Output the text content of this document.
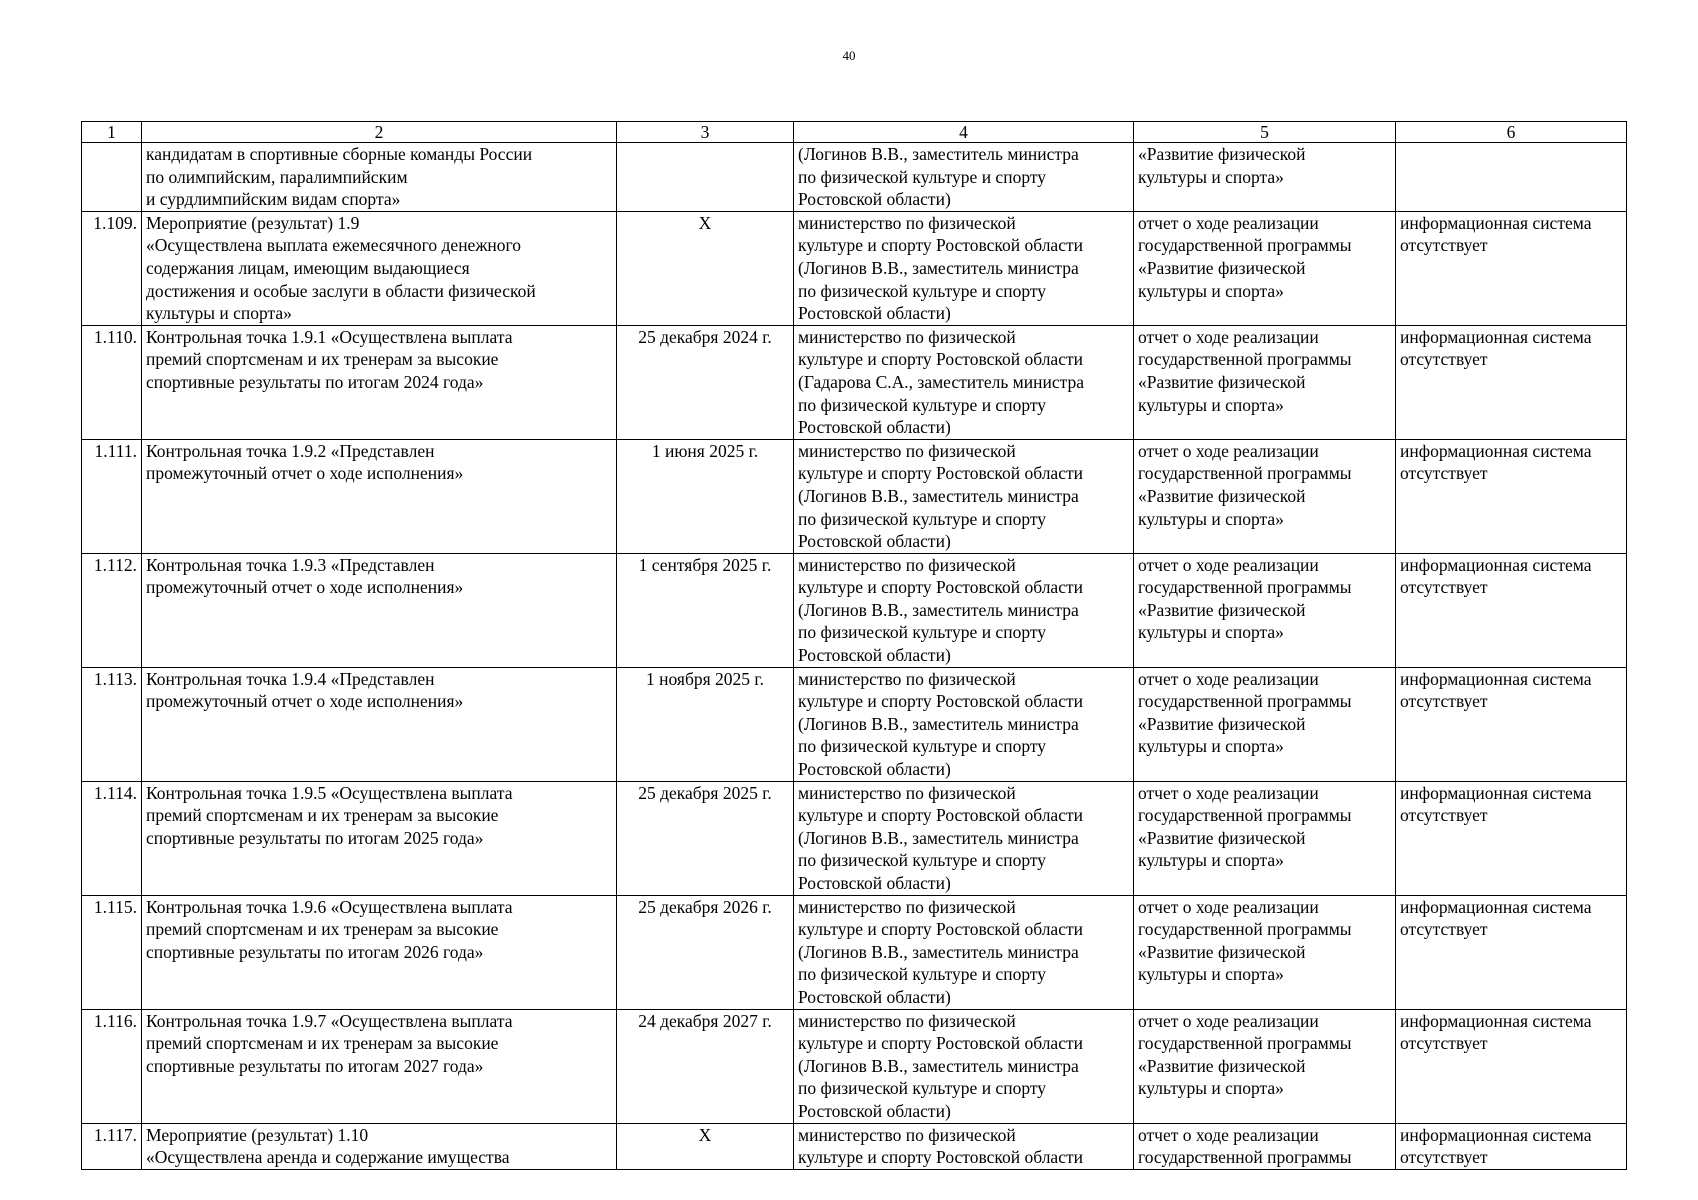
40
1	2	3	4	5	6

	кандидатам в спортивные сборные команды России
по олимпийским, паралимпийским
и сурдлимпийским видам спорта»		(Логинов В.В., заместитель министра
по физической культуре и спорту
Ростовской области)	«Развитие физической
культуры и спорта»	

1.109.	Мероприятие (результат) 1.9
«Осуществлена выплата ежемесячного денежного
содержания лицам, имеющим выдающиеся
достижения и особые заслуги в области физической
культуры и спорта»	Х	министерство по физической
культуре и спорту Ростовской области
(Логинов В.В., заместитель министра
по физической культуре и спорту
Ростовской области)	отчет о ходе реализации
государственной программы
«Развитие физической
культуры и спорта»	информационная система
отсутствует

1.110.	Контрольная точка 1.9.1 «Осуществлена выплата
премий спортсменам и их тренерам за высокие
спортивные результаты по итогам 2024 года»	25 декабря 2024 г.	министерство по физической
культуре и спорту Ростовской области
(Гадарова С.А., заместитель министра
по физической культуре и спорту
Ростовской области)	отчет о ходе реализации
государственной программы
«Развитие физической
культуры и спорта»	информационная система
отсутствует

1.111.	Контрольная точка 1.9.2 «Представлен
промежуточный отчет о ходе исполнения»	1 июня 2025 г.	министерство по физической
культуре и спорту Ростовской области
(Логинов В.В., заместитель министра
по физической культуре и спорту
Ростовской области)	отчет о ходе реализации
государственной программы
«Развитие физической
культуры и спорта»	информационная система
отсутствует

1.112.	Контрольная точка 1.9.3 «Представлен
промежуточный отчет о ходе исполнения»	1 сентября 2025 г.	министерство по физической
культуре и спорту Ростовской области
(Логинов В.В., заместитель министра
по физической культуре и спорту
Ростовской области)	отчет о ходе реализации
государственной программы
«Развитие физической
культуры и спорта»	информационная система
отсутствует

1.113.	Контрольная точка 1.9.4 «Представлен
промежуточный отчет о ходе исполнения»	1 ноября 2025 г.	министерство по физической
культуре и спорту Ростовской области
(Логинов В.В., заместитель министра
по физической культуре и спорту
Ростовской области)	отчет о ходе реализации
государственной программы
«Развитие физической
культуры и спорта»	информационная система
отсутствует

1.114.	Контрольная точка 1.9.5 «Осуществлена выплата
премий спортсменам и их тренерам за высокие
спортивные результаты по итогам 2025 года»	25 декабря 2025 г.	министерство по физической
культуре и спорту Ростовской области
(Логинов В.В., заместитель министра
по физической культуре и спорту
Ростовской области)	отчет о ходе реализации
государственной программы
«Развитие физической
культуры и спорта»	информационная система
отсутствует

1.115.	Контрольная точка 1.9.6 «Осуществлена выплата
премий спортсменам и их тренерам за высокие
спортивные результаты по итогам 2026 года»	25 декабря 2026 г.	министерство по физической
культуре и спорту Ростовской области
(Логинов В.В., заместитель министра
по физической культуре и спорту
Ростовской области)	отчет о ходе реализации
государственной программы
«Развитие физической
культуры и спорта»	информационная система
отсутствует

1.116.	Контрольная точка 1.9.7 «Осуществлена выплата
премий спортсменам и их тренерам за высокие
спортивные результаты по итогам 2027 года»	24 декабря 2027 г.	министерство по физической
культуре и спорту Ростовской области
(Логинов В.В., заместитель министра
по физической культуре и спорту
Ростовской области)	отчет о ходе реализации
государственной программы
«Развитие физической
культуры и спорта»	информационная система
отсутствует

1.117.	Мероприятие (результат) 1.10
«Осуществлена аренда и содержание имущества	Х	министерство по физической
культуре и спорту Ростовской области	отчет о ходе реализации
государственной программы	информационная система
отсутствует
